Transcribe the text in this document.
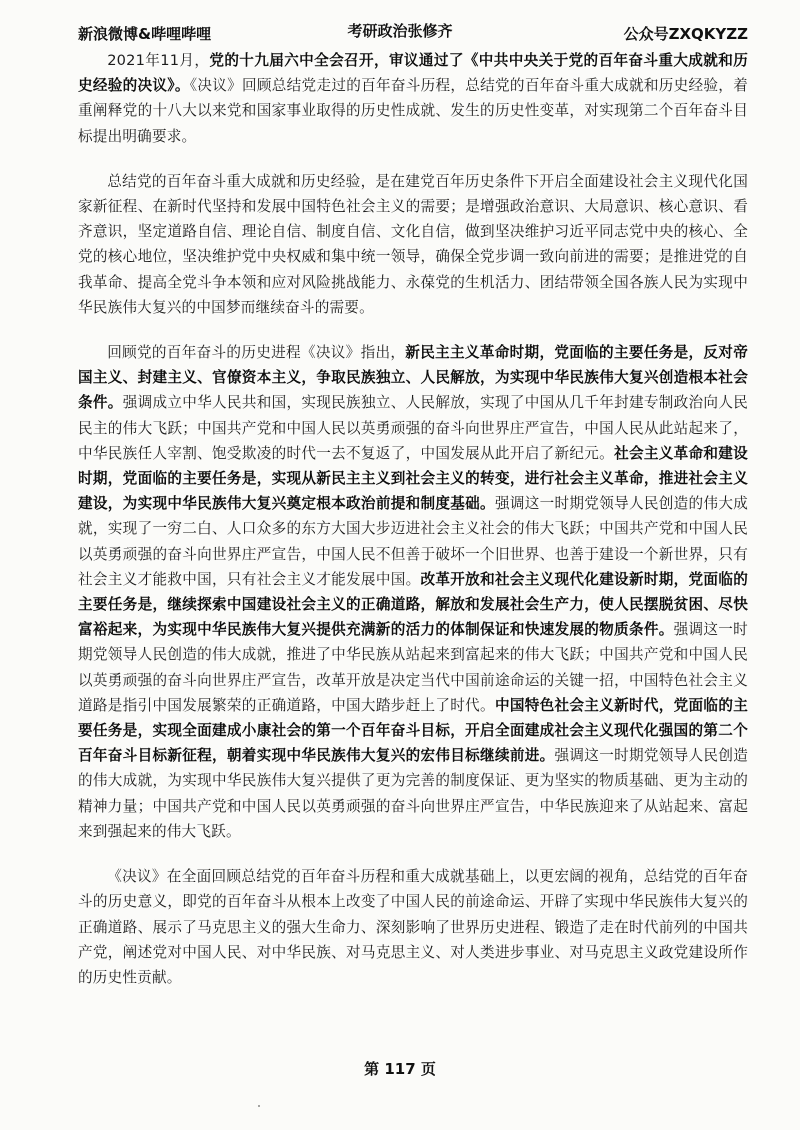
新浪微博&哔哩哔哩	考研政治张修齐	公众号ZXQKYZZ

2021年11月，党的十九届六中全会召开，审议通过了《中共中央关于党的百年奋斗重大成就和历史经验的决议》。《决议》回顾总结党走过的百年奋斗历程，总结党的百年奋斗重大成就和历史经验，着重阐释党的十八大以来党和国家事业取得的历史性成就、发生的历史性变革，对实现第二个百年奋斗目标提出明确要求。

总结党的百年奋斗重大成就和历史经验，是在建党百年历史条件下开启全面建设社会主义现代化国家新征程、在新时代坚持和发展中国特色社会主义的需要；是增强政治意识、大局意识、核心意识、看齐意识，坚定道路自信、理论自信、制度自信、文化自信，做到坚决维护习近平同志党中央的核心、全党的核心地位，坚决维护党中央权威和集中统一领导，确保全党步调一致向前进的需要；是推进党的自我革命、提高全党斗争本领和应对风险挑战能力、永葆党的生机活力、团结带领全国各族人民为实现中华民族伟大复兴的中国梦而继续奋斗的需要。

回顾党的百年奋斗的历史进程《决议》指出，新民主主义革命时期，党面临的主要任务是，反对帝国主义、封建主义、官僚资本主义，争取民族独立、人民解放，为实现中华民族伟大复兴创造根本社会条件。强调成立中华人民共和国，实现民族独立、人民解放，实现了中国从几千年封建专制政治向人民民主的伟大飞跃；中国共产党和中国人民以英勇顽强的奋斗向世界庄严宣告，中国人民从此站起来了，中华民族任人宰割、饱受欺凌的时代一去不复返了，中国发展从此开启了新纪元。社会主义革命和建设时期，党面临的主要任务是，实现从新民主主义到社会主义的转变，进行社会主义革命，推进社会主义建设，为实现中华民族伟大复兴奠定根本政治前提和制度基础。强调这一时期党领导人民创造的伟大成就，实现了一穷二白、人口众多的东方大国大步迈进社会主义社会的伟大飞跃；中国共产党和中国人民以英勇顽强的奋斗向世界庄严宣告，中国人民不但善于破坏一个旧世界、也善于建设一个新世界，只有社会主义才能救中国，只有社会主义才能发展中国。改革开放和社会主义现代化建设新时期，党面临的主要任务是，继续探索中国建设社会主义的正确道路，解放和发展社会生产力，使人民摆脱贫困、尽快富裕起来，为实现中华民族伟大复兴提供充满新的活力的体制保证和快速发展的物质条件。强调这一时期党领导人民创造的伟大成就，推进了中华民族从站起来到富起来的伟大飞跃；中国共产党和中国人民以英勇顽强的奋斗向世界庄严宣告，改革开放是决定当代中国前途命运的关键一招，中国特色社会主义道路是指引中国发展繁荣的正确道路，中国大踏步赶上了时代。中国特色社会主义新时代，党面临的主要任务是，实现全面建成小康社会的第一个百年奋斗目标，开启全面建成社会主义现代化强国的第二个百年奋斗目标新征程，朝着实现中华民族伟大复兴的宏伟目标继续前进。强调这一时期党领导人民创造的伟大成就，为实现中华民族伟大复兴提供了更为完善的制度保证、更为坚实的物质基础、更为主动的精神力量；中国共产党和中国人民以英勇顽强的奋斗向世界庄严宣告，中华民族迎来了从站起来、富起来到强起来的伟大飞跃。

《决议》在全面回顾总结党的百年奋斗历程和重大成就基础上，以更宏阔的视角，总结党的百年奋斗的历史意义，即党的百年奋斗从根本上改变了中国人民的前途命运、开辟了实现中华民族伟大复兴的正确道路、展示了马克思主义的强大生命力、深刻影响了世界历史进程、锻造了走在时代前列的中国共产党，阐述党对中国人民、对中华民族、对马克思主义、对人类进步事业、对马克思主义政党建设所作的历史性贡献。

第 117 页
